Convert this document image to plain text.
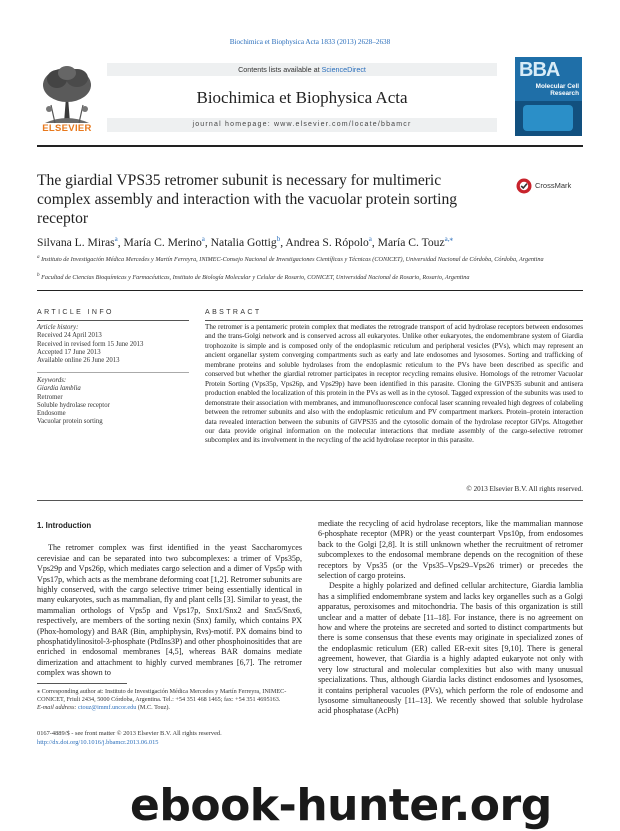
Biochimica et Biophysica Acta 1833 (2013) 2628–2638
ELSEVIER
Contents lists available at ScienceDirect
Biochimica et Biophysica Acta
journal homepage: www.elsevier.com/locate/bbamcr
BBA
Molecular Cell
Research
The giardial VPS35 retromer subunit is necessary for multimeric complex assembly and interaction with the vacuolar protein sorting receptor
CrossMark
Silvana L. Miras$^a$, María C. Merino$^a$, Natalia Gottig$^b$, Andrea S. Rópolo$^a$, María C. Touz$^{a,⁎}$
$^a$ Instituto de Investigación Médica Mercedes y Martín Ferreyra, INIMEC-Consejo Nacional de Investigaciones Científicas y Técnicas (CONICET), Universidad Nacional de Córdoba, Córdoba, Argentina
$^b$ Facultad de Ciencias Bioquímicas y Farmacéuticas, Instituto de Biología Molecular y Celular de Rosario, CONICET, Universidad Nacional de Rosario, Rosario, Argentina
ARTICLE INFO
Article history:
Received 24 April 2013
Received in revised form 15 June 2013
Accepted 17 June 2013
Available online 26 June 2013
Keywords:
Giardia lamblia
Retromer
Soluble hydrolase receptor
Endosome
Vacuolar protein sorting
ABSTRACT
The retromer is a pentameric protein complex that mediates the retrograde transport of acid hydrolase receptors between endosomes and the trans-Golgi network and is conserved across all eukaryotes. Unlike other eukaryotes, the endomembrane system of Giardia trophozoite is simple and is composed only of the endoplasmic reticulum and peripheral vesicles (PVs), which may represent an ancient organellar system converging compartments such as early and late endosomes and lysosomes. Sorting and trafficking of membrane proteins and soluble hydrolases from the endoplasmic reticulum to the PVs have been described as specific and conserved but whether the giardial retromer participates in receptor recycling remains elusive. Homologs of the retromer Vacuolar Protein Sorting (Vps35p, Vps26p, and Vps29p) have been identified in this parasite. Cloning the GlVPS35 subunit and antisera production enabled the localization of this protein in the PVs as well as in the cytosol. Tagged expression of the subunits was used to demonstrate their association with membranes, and immunofluorescence confocal laser scanning revealed high degrees of colabeling between the retromer subunits and also with the endoplasmic reticulum and PV compartment markers. Protein–protein interaction data revealed interaction between the subunits of GlVPS35 and the cytosolic domain of the hydrolase receptor GlVps. Altogether our data provide original information on the molecular interactions that mediate assembly of the cargo-selective retromer subcomplex and its involvement in the recycling of the acid hydrolase receptor in this parasite.
© 2013 Elsevier B.V. All rights reserved.
1. Introduction

The retromer complex was first identified in the yeast Saccharomyces cerevisiae and can be separated into two subcomplexes: a trimer of Vps35p, Vps29p and Vps26p, which mediates cargo selection and a dimer of Vps5p with Vps17p, which acts as the membrane deforming coat [1,2]. Retromer subunits are highly conserved, with the cargo selective trimer being essentially identical in many eukaryotes, such as mammalian, fly and plant cells [3]. Similar to yeast, the mammalian orthologs of Vps5p and Vps17p, Snx1/Snx2 and Snx5/Snx6, respectively, are members of the sorting nexin (Snx) family, which contains PX (Phox-homology) and BAR (Bin, amphiphysin, Rvs)-motif. PX domains bind to phosphatidylinositol-3-phosphate (PtdIns3P) and other phosphoinositides that are enriched in endosomal membranes [4,5], whereas BAR domains mediate dimerization and attachment to highly curved membranes [6,7]. The retromer complex was shown to

mediate the recycling of acid hydrolase receptors, like the mammalian mannose 6-phosphate receptor (MPR) or the yeast counterpart Vps10p, from endosomes back to the Golgi [2,8]. It is still unknown whether the recruitment of retromer subcomplexes to the endosomal membrane depends on the recognition of these receptors by Vps35 (or the Vps35–Vps29–Vps26 trimer) or precedes the selection of cargo proteins.

Despite a highly polarized and defined cellular architecture, Giardia lamblia has a simplified endomembrane system and lacks key organelles such as a Golgi apparatus, peroxisomes and mitochondria. The basis of this organization is still unclear and a matter of debate [11–18]. For instance, there is no agreement on how and where the proteins are secreted and sorted to distinct compartments but there is some consensus that these events may originate in specialized zones of the endoplasmic reticulum (ER) called ER-exit sites [9,10]. There is general agreement, however, that Giardia is a highly adapted eukaryote not only with very low structural and molecular complexities but also with many unusual specializations. Thus, although Giardia lacks distinct endosomes and lysosomes, it contains peripheral vacuoles (PVs), which perform the role of endosome and lysosome simultaneously [11–13]. We recently showed that soluble hydrolase acid phosphatase (AcPh)

⁎ Corresponding author at: Instituto de Investigación Médica Mercedes y Martín Ferreyra, INIMEC-CONICET, Friuli 2434, 5000 Córdoba, Argentina. Tel.: +54 351 468 1465; fax: +54 351 4695163.
E-mail address: ctouz@immf.uncor.edu (M.C. Touz).
0167-4889/$ - see front matter © 2013 Elsevier B.V. All rights reserved.
http://dx.doi.org/10.1016/j.bbamcr.2013.06.015
ebook-hunter.org
